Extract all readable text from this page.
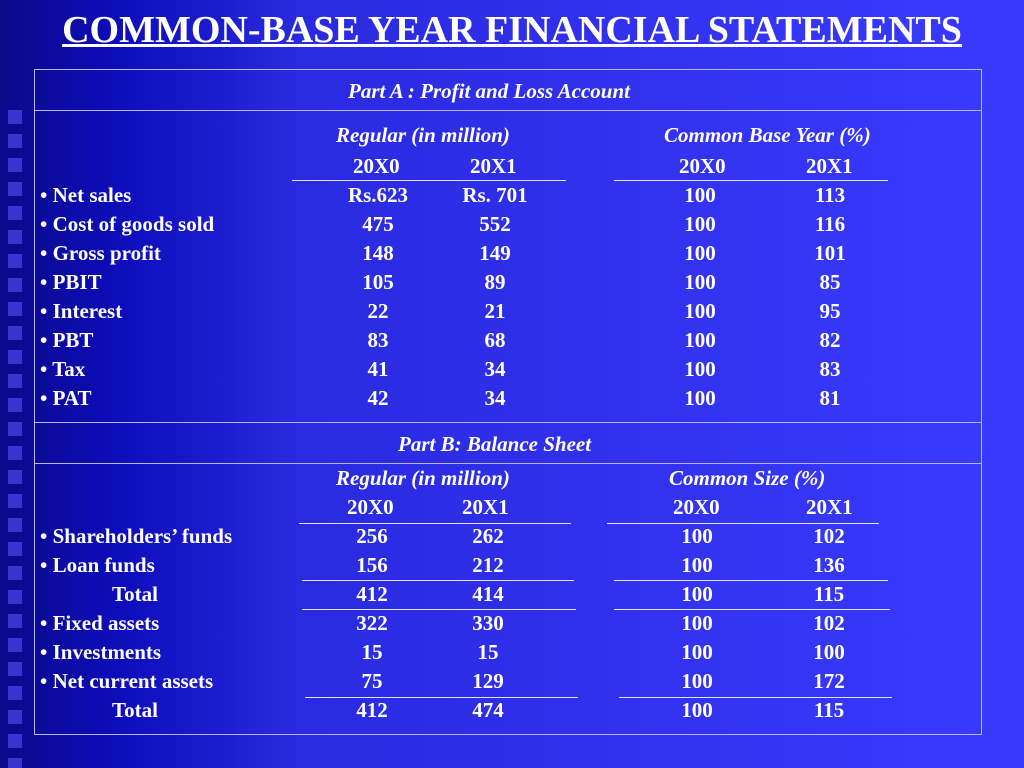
COMMON-BASE YEAR FINANCIAL STATEMENTS
Part A : Profit and Loss Account
Regular (in million)	Common Base Year (%)
20X0	20X1	20X0	20X1
• Net sales	Rs.623	Rs. 701	100	113
• Cost of goods sold	475	552	100	116
• Gross profit	148	149	100	101
• PBIT	105	89	100	85
• Interest	22	21	100	95
• PBT	83	68	100	82
• Tax	41	34	100	83
• PAT	42	34	100	81
Part B: Balance Sheet
Regular (in million)	Common Size (%)
20X0	20X1	20X0	20X1
• Shareholders’ funds	256	262	100	102
• Loan funds	156	212	100	136
Total	412	414	100	115
• Fixed assets	322	330	100	102
• Investments	15	15	100	100
• Net current assets	75	129	100	172
Total	412	474	100	115
